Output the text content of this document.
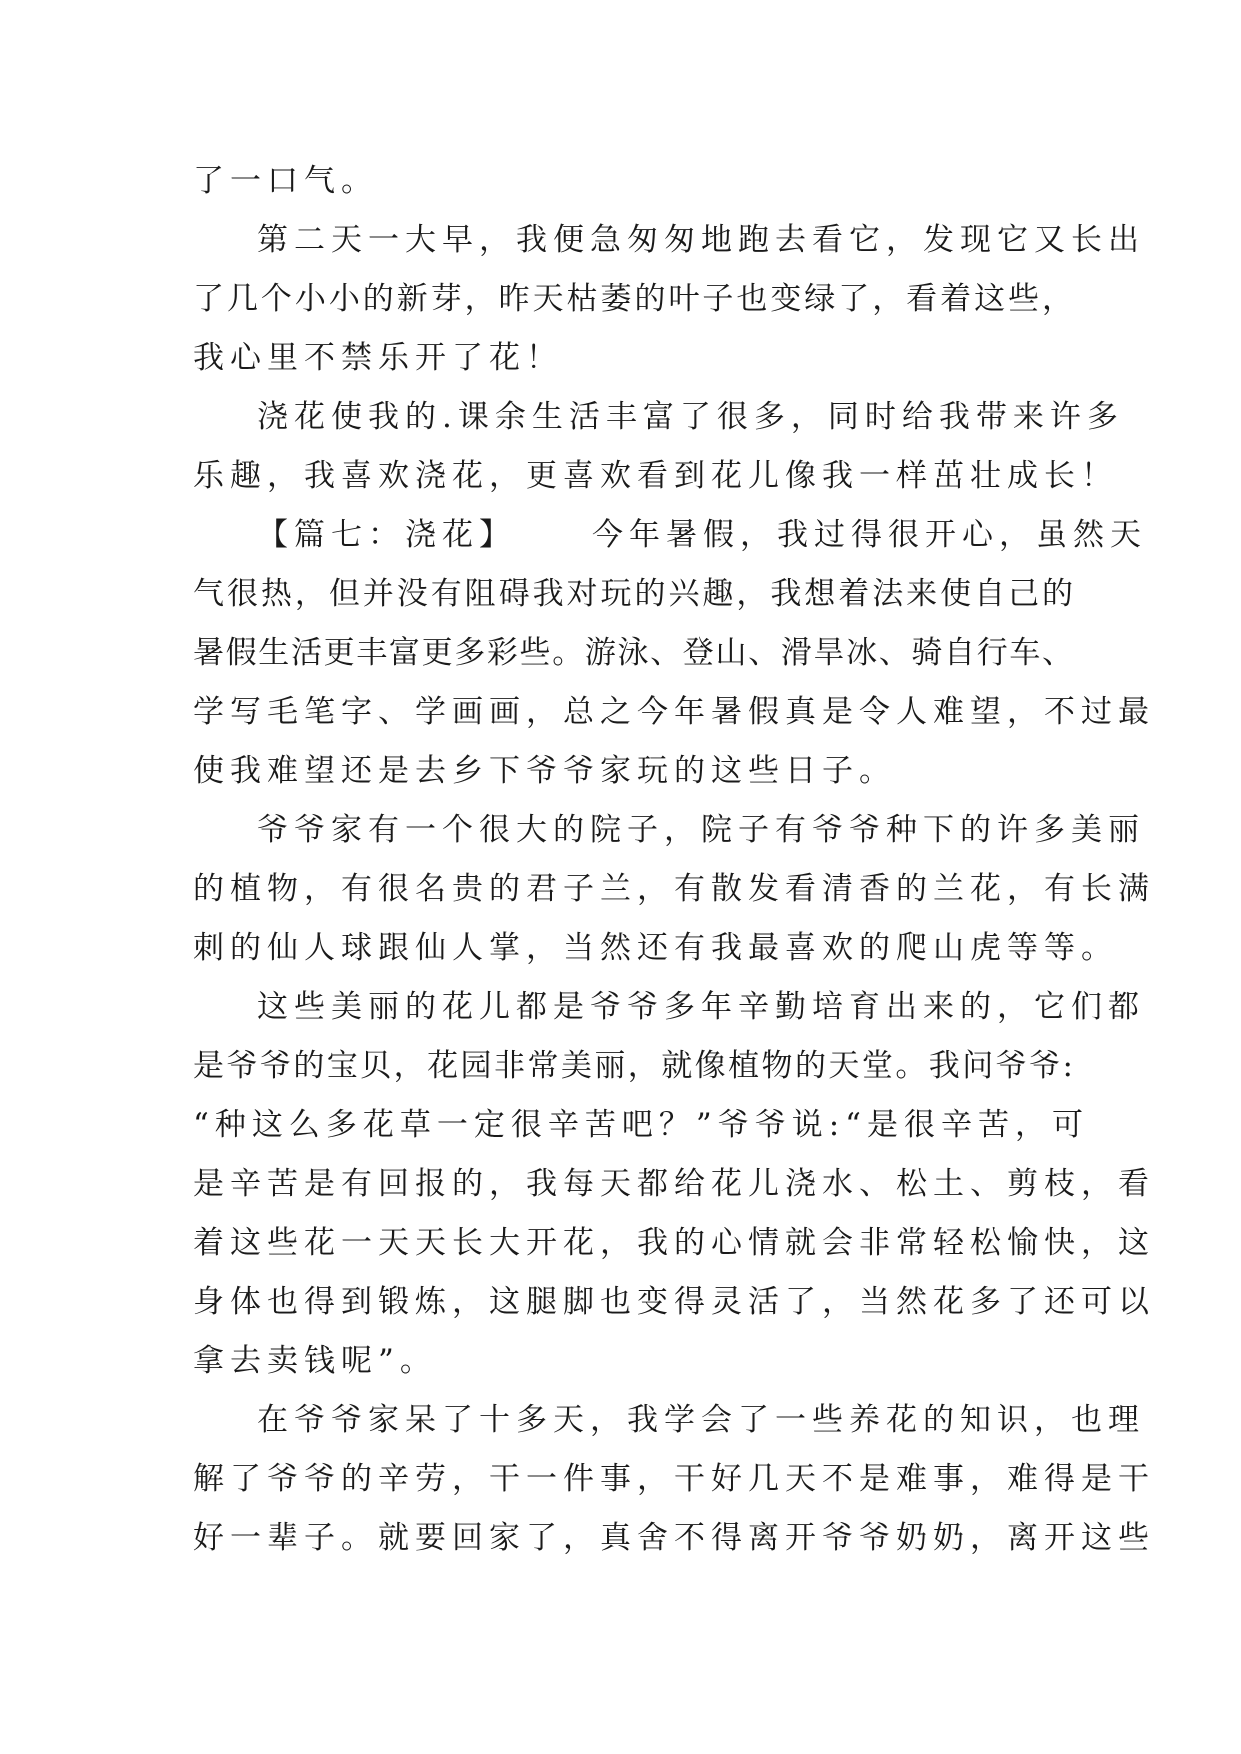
了一口气。
第二天一大早，我便急匆匆地跑去看它，发现它又长出
了几个小小的新芽，昨天枯萎的叶子也变绿了，看着这些，
我心里不禁乐开了花！
浇花使我的.课余生活丰富了很多，同时给我带来许多
乐趣，我喜欢浇花，更喜欢看到花儿像我一样茁壮成长！
【篇七：浇花】 今年暑假，我过得很开心，虽然天
气很热，但并没有阻碍我对玩的兴趣，我想着法来使自己的
暑假生活更丰富更多彩些。游泳、登山、滑旱冰、骑自行车、
学写毛笔字、学画画，总之今年暑假真是令人难望，不过最
使我难望还是去乡下爷爷家玩的这些日子。
爷爷家有一个很大的院子，院子有爷爷种下的许多美丽
的植物，有很名贵的君子兰，有散发看清香的兰花，有长满
刺的仙人球跟仙人掌，当然还有我最喜欢的爬山虎等等。
这些美丽的花儿都是爷爷多年辛勤培育出来的，它们都
是爷爷的宝贝，花园非常美丽，就像植物的天堂。我问爷爷:
“种这么多花草一定很辛苦吧？”爷爷说:“是很辛苦，可
是辛苦是有回报的，我每天都给花儿浇水、松土、剪枝，看
着这些花一天天长大开花，我的心情就会非常轻松愉快，这
身体也得到锻炼，这腿脚也变得灵活了，当然花多了还可以
拿去卖钱呢”。
在爷爷家呆了十多天，我学会了一些养花的知识，也理
解了爷爷的辛劳，干一件事，干好几天不是难事，难得是干
好一辈子。就要回家了，真舍不得离开爷爷奶奶，离开这些
